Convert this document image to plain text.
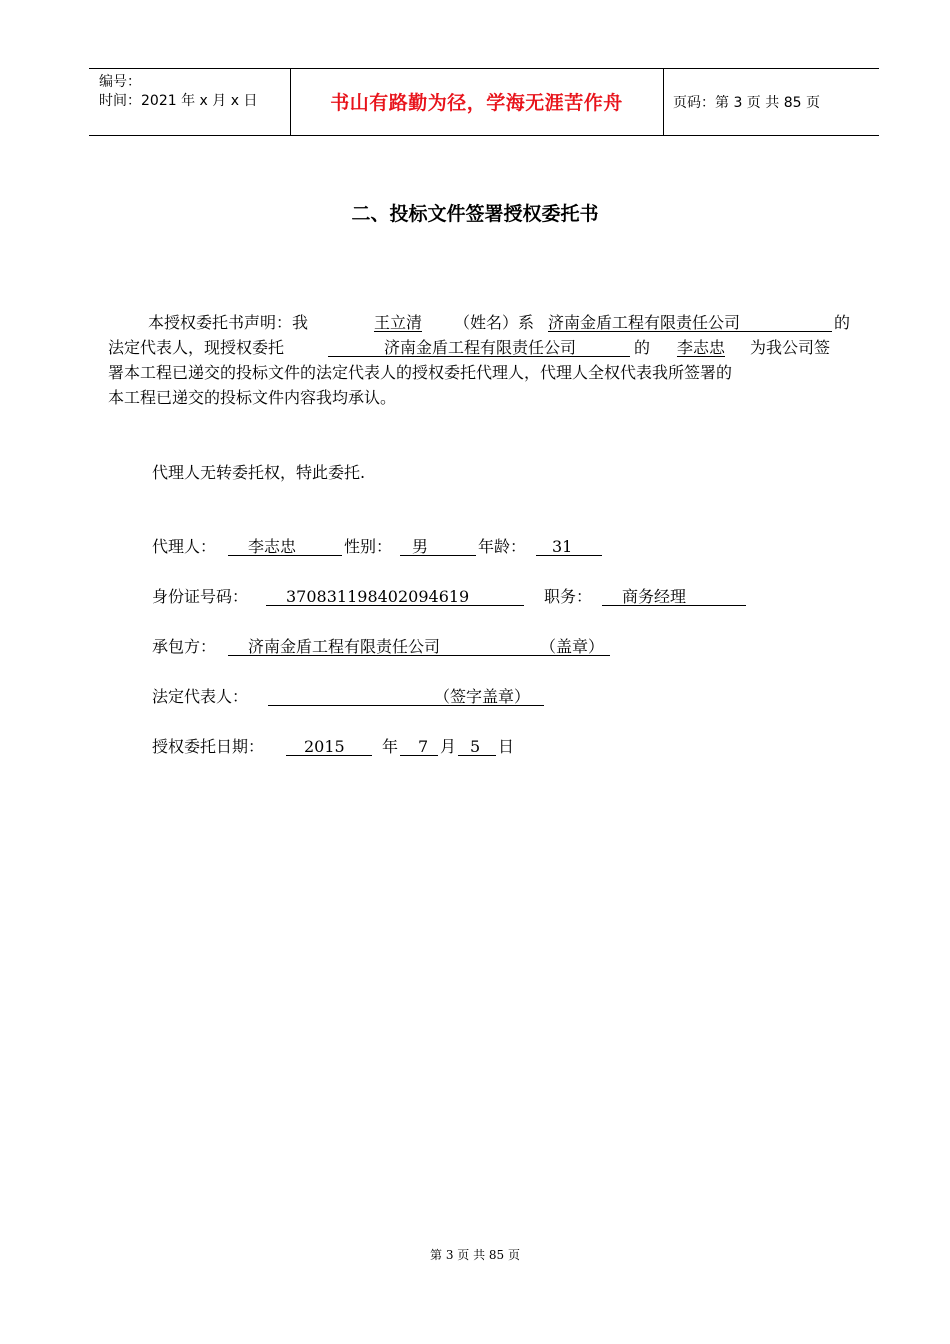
编号：
时间：2021 年 x 月 x 日	书山有路勤为径，学海无涯苦作舟	页码：第 3 页 共 85 页
二、投标文件签署授权委托书
本授权委托书声明：我	王立清	（姓名）系 济南金盾工程有限责任公司	的
法定代表人，现授权委托	济南金盾工程有限责任公司	的	李志忠	为我公司签
署本工程已递交的投标文件的法定代表人的授权委托代理人，代理人全权代表我所签署的
本工程已递交的投标文件内容我均承认。
代理人无转委托权，特此委托.
代理人： 李志忠	性别： 男	年龄： 31
身份证号码： 370831198402094619	职务： 商务经理
承包方： 济南金盾工程有限责任公司	（盖章）
法定代表人：	（签字盖章）
授权委托日期： 2015 年 7 月 5 日
第 3 页 共 85 页
